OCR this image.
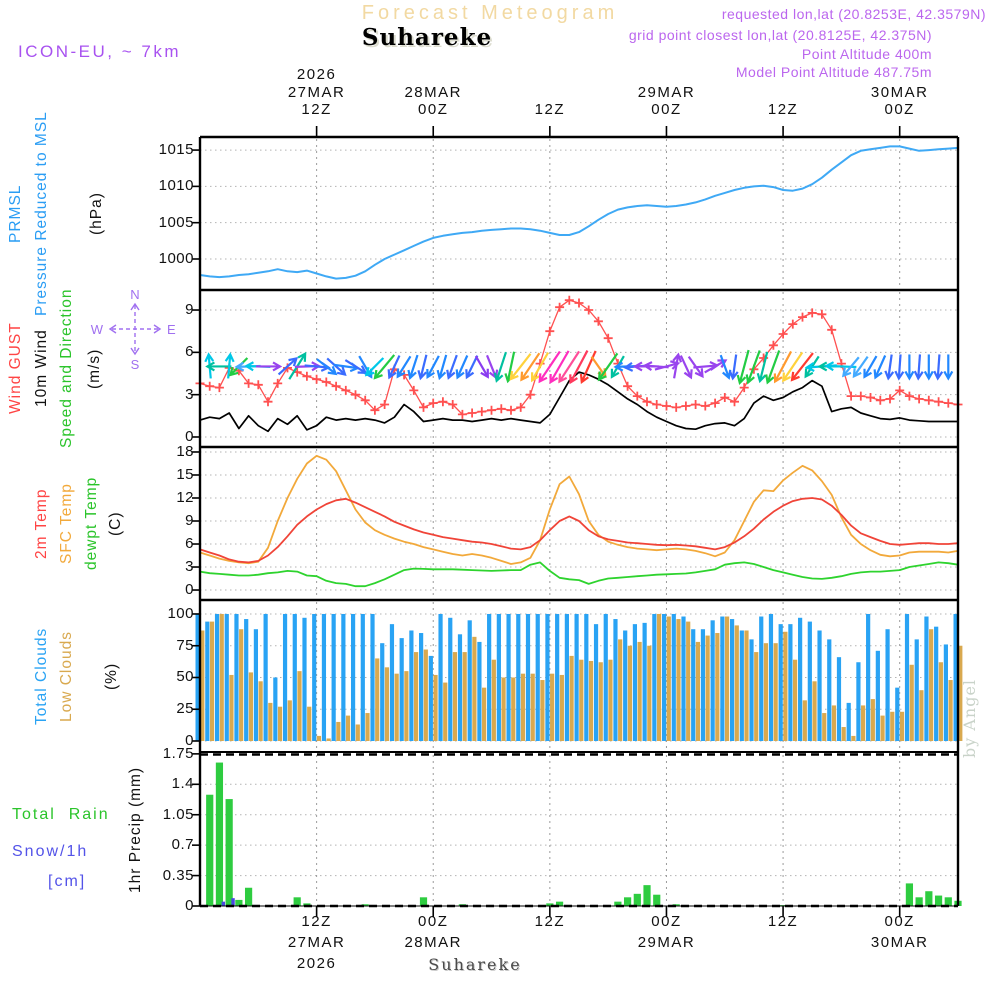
N
S
W	E
Forecast Meteogram
Suhareke
requested lon,lat (20.8253E, 42.3579N)
grid point closest lon,lat (20.8125E, 42.375N)
Point Altitude 400m
Model Point Altitude 487.75m
ICON-EU, ~ 7km
1000
1005
1010
1015
0
3
6
9
0
3
6
9
12
15
18
0
25
50
75
100
0
0.35
0.7
1.05
1.4
1.75
2026
27MAR
12Z
28MAR
00Z	12Z
29MAR
00Z	12Z
30MAR
00Z
12Z
27MAR
2026
00Z
28MAR
12Z	00Z
29MAR
12Z	00Z
30MAR
PRMSL Pressure Reduced to MSL (hPa)
Wind GUST 10m Wind Speed and Direction (m/s)
2m Temp SFC Temp dewpt Temp (C)
Total Clouds Low Clouds (%)
1hr Precip (mm)
Total  Rain
Snow/1h
[cm]
Suhareke
by Angel
